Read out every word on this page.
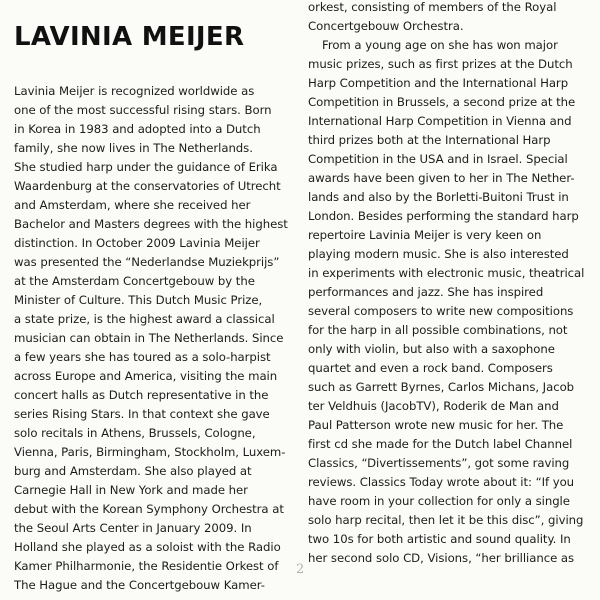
LAVINIA MEIJER
Lavinia Meijer is recognized worldwide as
one of the most successful rising stars. Born
in Korea in 1983 and adopted into a Dutch
family, she now lives in The Netherlands.
She studied harp under the guidance of Erika
Waardenburg at the conservatories of Utrecht
and Amsterdam, where she received her
Bachelor and Masters degrees with the highest
distinction. In October 2009 Lavinia Meijer
was presented the “Nederlandse Muziekprijs”
at the Amsterdam Concertgebouw by the
Minister of Culture. This Dutch Music Prize,
a state prize, is the highest award a classical
musician can obtain in The Netherlands. Since
a few years she has toured as a solo-harpist
across Europe and America, visiting the main
concert halls as Dutch representative in the
series Rising Stars. In that context she gave
solo recitals in Athens, Brussels, Cologne,
Vienna, Paris, Birmingham, Stockholm, Luxem-
burg and Amsterdam. She also played at
Carnegie Hall in New York and made her
debut with the Korean Symphony Orchestra at
the Seoul Arts Center in January 2009. In
Holland she played as a soloist with the Radio
Kamer Philharmonie, the Residentie Orkest of
The Hague and the Concertgebouw Kamer-
orkest, consisting of members of the Royal
Concertgebouw Orchestra.
From a young age on she has won major
music prizes, such as first prizes at the Dutch
Harp Competition and the International Harp
Competition in Brussels, a second prize at the
International Harp Competition in Vienna and
third prizes both at the International Harp
Competition in the USA and in Israel. Special
awards have been given to her in The Nether-
lands and also by the Borletti-Buitoni Trust in
London. Besides performing the standard harp
repertoire Lavinia Meijer is very keen on
playing modern music. She is also interested
in experiments with electronic music, theatrical
performances and jazz. She has inspired
several composers to write new compositions
for the harp in all possible combinations, not
only with violin, but also with a saxophone
quartet and even a rock band. Composers
such as Garrett Byrnes, Carlos Michans, Jacob
ter Veldhuis (JacobTV), Roderik de Man and
Paul Patterson wrote new music for her. The
first cd she made for the Dutch label Channel
Classics, “Divertissements”, got some raving
reviews. Classics Today wrote about it: “If you
have room in your collection for only a single
solo harp recital, then let it be this disc”, giving
two 10s for both artistic and sound quality. In
her second solo CD, Visions, “her brilliance as
2
